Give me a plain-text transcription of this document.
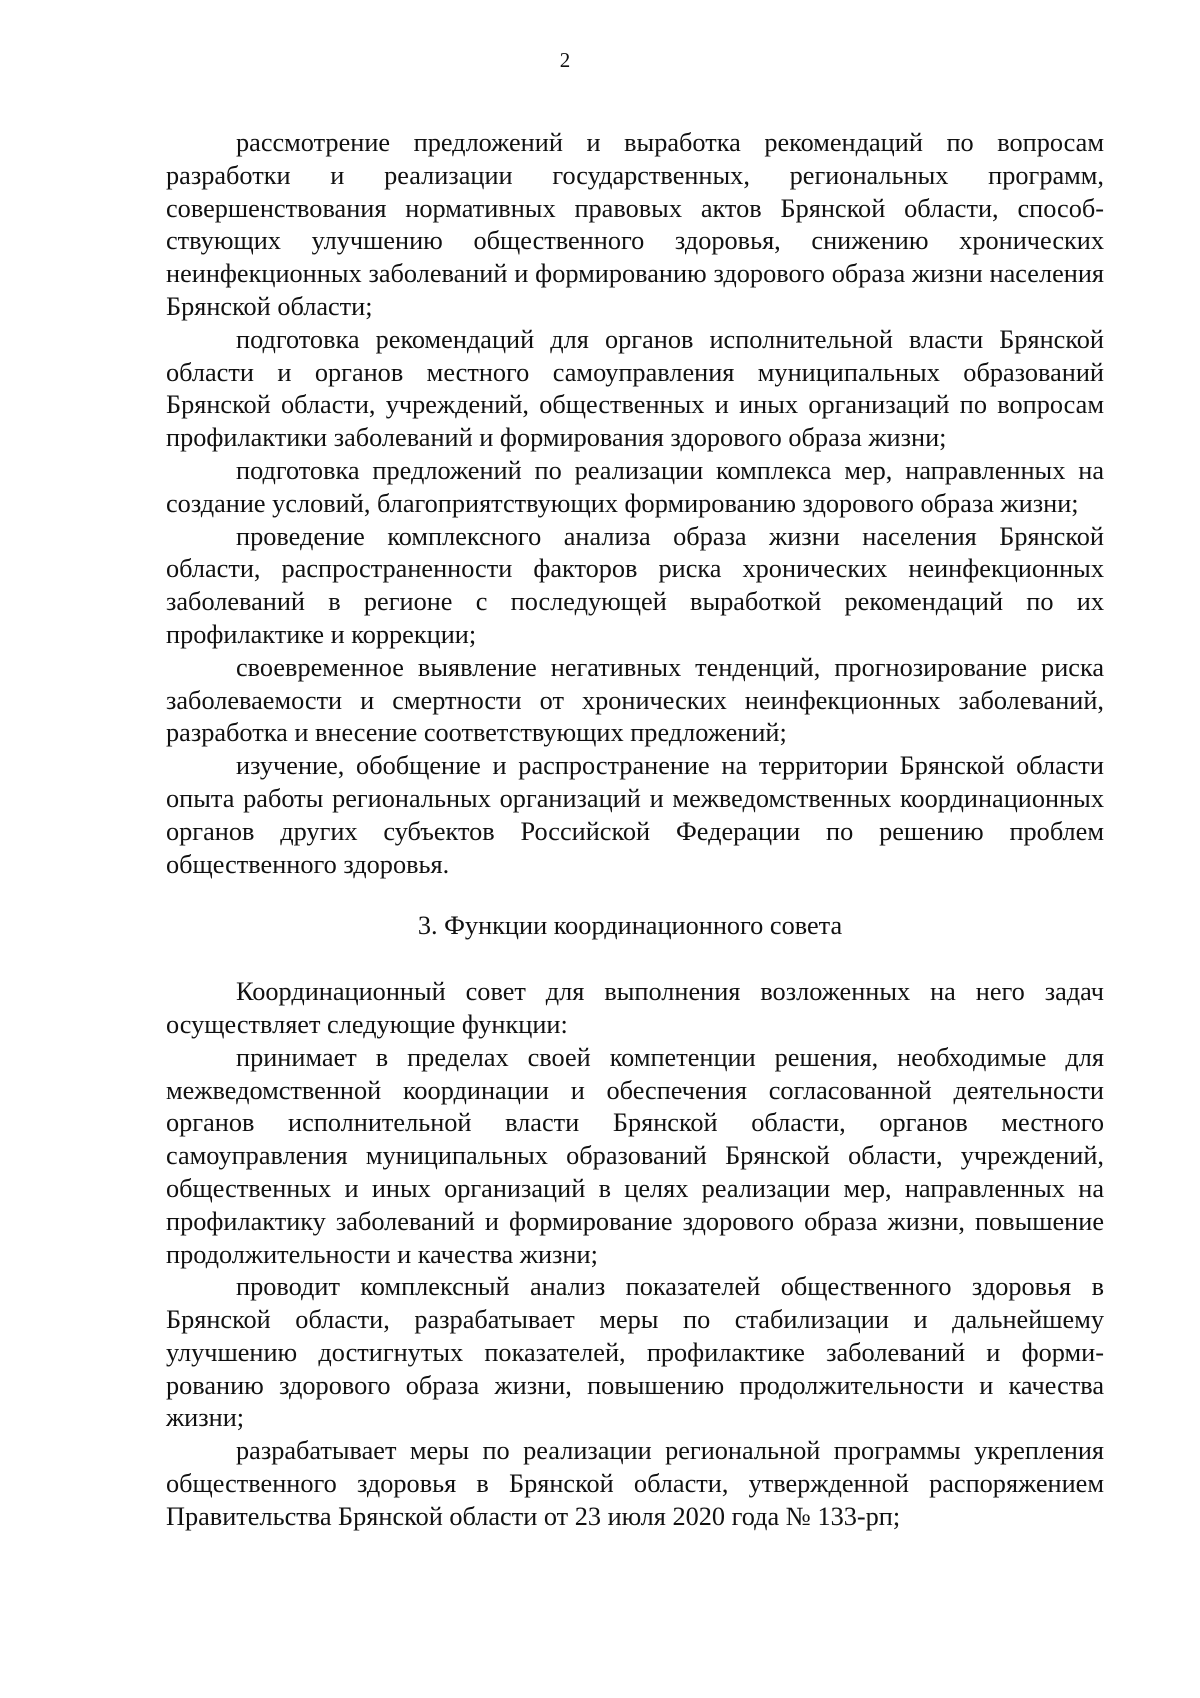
2

рассмотрение предложений и выработка рекомендаций по вопросам разработки и реализации государственных, региональных программ, совершенствования нормативных правовых актов Брянской области, способствующих улучшению общественного здоровья, снижению хронических неинфекционных заболеваний и формированию здорового образа жизни населения Брянской области;

подготовка рекомендаций для органов исполнительной власти Брянской области и органов местного самоуправления муниципальных образований Брянской области, учреждений, общественных и иных организаций по вопросам профилактики заболеваний и формирования здорового образа жизни;

подготовка предложений по реализации комплекса мер, направленных на создание условий, благоприятствующих формированию здорового образа жизни;

проведение комплексного анализа образа жизни населения Брянской области, распространенности факторов риска хронических неинфекционных заболеваний в регионе с последующей выработкой рекомендаций по их профилактике и коррекции;

своевременное выявление негативных тенденций, прогнозирование риска заболеваемости и смертности от хронических неинфекционных заболеваний, разработка и внесение соответствующих предложений;

изучение, обобщение и распространение на территории Брянской области опыта работы региональных организаций и межведомственных координационных органов других субъектов Российской Федерации по решению проблем общественного здоровья.

3. Функции координационного совета

Координационный совет для выполнения возложенных на него задач осуществляет следующие функции:

принимает в пределах своей компетенции решения, необходимые для межведомственной координации и обеспечения согласованной деятельности органов исполнительной власти Брянской области, органов местного самоуправления муниципальных образований Брянской области, учреждений, общественных и иных организаций в целях реализации мер, направленных на профилактику заболеваний и формирование здорового образа жизни, повышение продолжительности и качества жизни;

проводит комплексный анализ показателей общественного здоровья в Брянской области, разрабатывает меры по стабилизации и дальнейшему улучшению достигнутых показателей, профилактике заболеваний и формированию здорового образа жизни, повышению продолжительности и качества жизни;

разрабатывает меры по реализации региональной программы укрепления общественного здоровья в Брянской области, утвержденной распоряжением Правительства Брянской области от 23 июля 2020 года № 133-рп;
